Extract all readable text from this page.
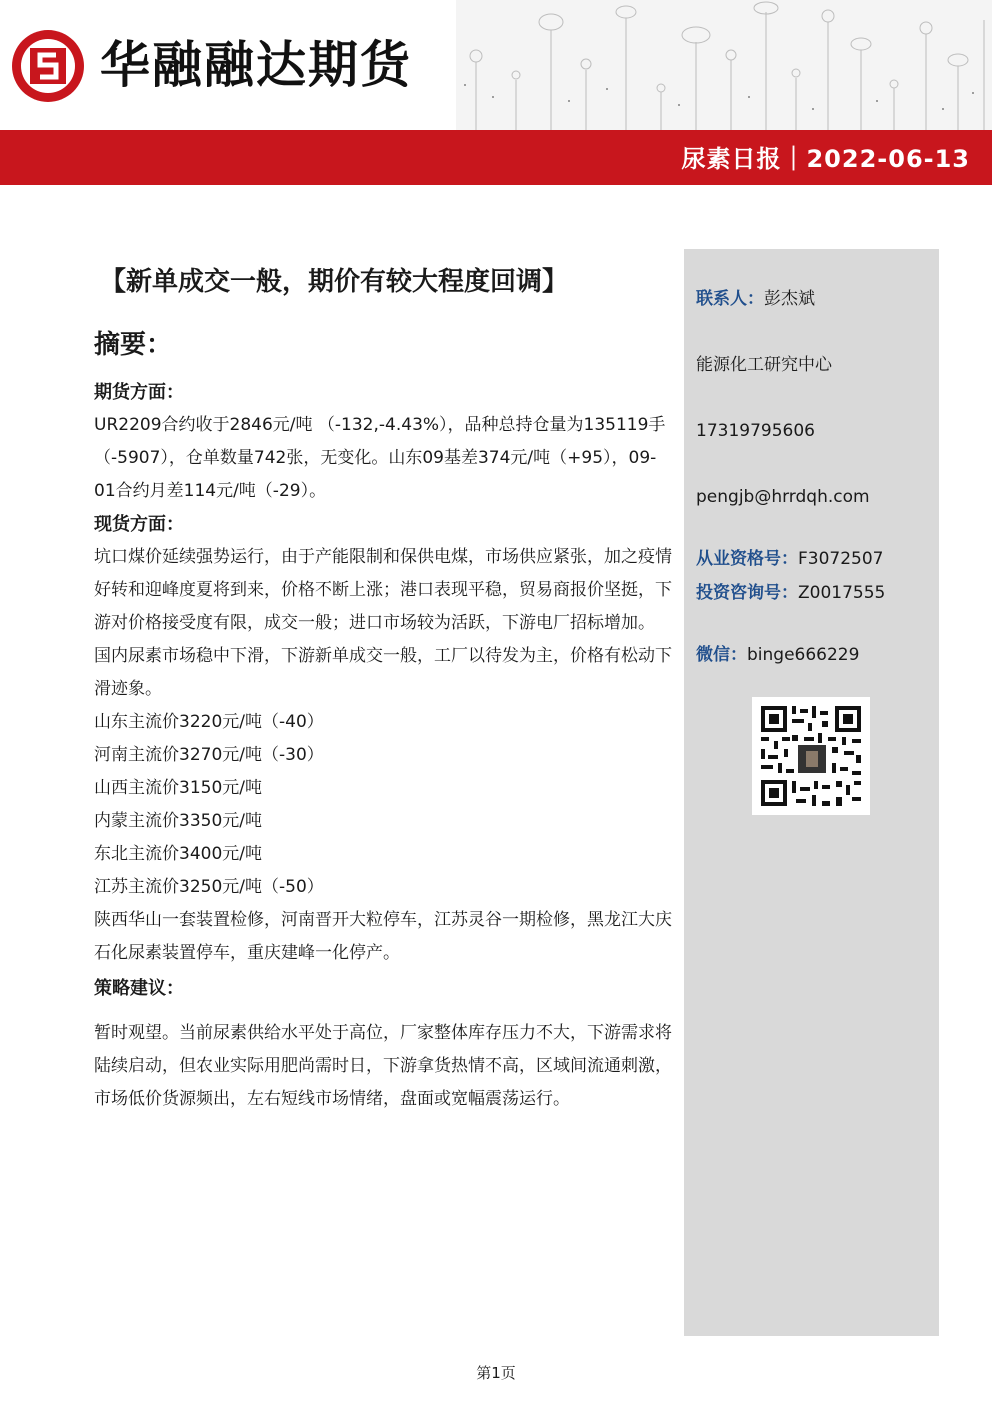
华融融达期货
尿素日报｜2022-06-13
【新单成交一般，期价有较大程度回调】
摘要：

期货方面：

UR2209合约收于2846元/吨 （-132,-4.43%），品种总持仓量为135119手（-5907），仓单数量742张，无变化。山东09基差374元/吨（+95），09-01合约月差114元/吨（-29）。

现货方面：

坑口煤价延续强势运行，由于产能限制和保供电煤，市场供应紧张，加之疫情好转和迎峰度夏将到来，价格不断上涨；港口表现平稳，贸易商报价坚挺，下游对价格接受度有限，成交一般；进口市场较为活跃，下游电厂招标增加。

国内尿素市场稳中下滑，下游新单成交一般，工厂以待发为主，价格有松动下滑迹象。

山东主流价3220元/吨（-40）

河南主流价3270元/吨（-30）

山西主流价3150元/吨

内蒙主流价3350元/吨

东北主流价3400元/吨

江苏主流价3250元/吨（-50）

陕西华山一套装置检修，河南晋开大粒停车，江苏灵谷一期检修，黑龙江大庆石化尿素装置停车，重庆建峰一化停产。

策略建议：

暂时观望。当前尿素供给水平处于高位，厂家整体库存压力不大，下游需求将陆续启动，但农业实际用肥尚需时日，下游拿货热情不高，区域间流通刺激，市场低价货源频出，左右短线市场情绪，盘面或宽幅震荡运行。

联系人：彭杰斌
能源化工研究中心
17319795606
pengjb@hrrdqh.com
从业资格号：F3072507
投资咨询号：Z0017555
微信：binge666229
第1页
